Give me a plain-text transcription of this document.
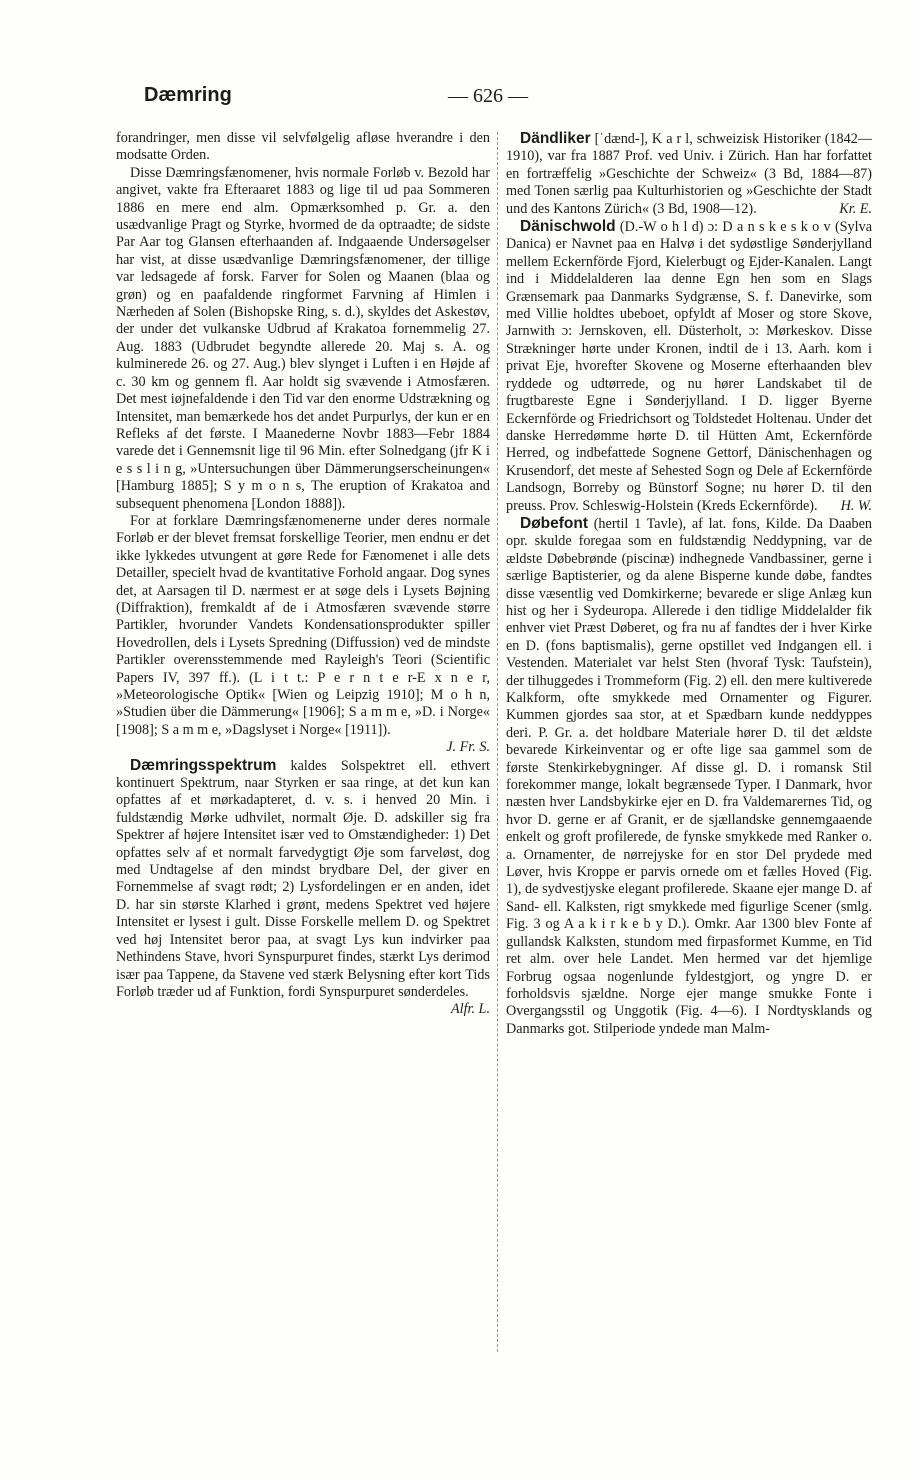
Dæmring	— 626 —

forandringer, men disse vil selvfølgelig afløse hverandre i den modsatte Orden.

Disse Dæmringsfænomener, hvis normale Forløb v. Bezold har angivet, vakte fra Efteraaret 1883 og lige til ud paa Sommeren 1886 en mere end alm. Opmærksomhed p. Gr. a. den usædvanlige Pragt og Styrke, hvormed de da optraadte; de sidste Par Aar tog Glansen efterhaanden af. Indgaaende Undersøgelser har vist, at disse usædvanlige Dæmringsfænomener, der tillige var ledsagede af forsk. Farver for Solen og Maanen (blaa og grøn) og en paafaldende ringformet Farvning af Himlen i Nærheden af Solen (Bishopske Ring, s. d.), skyldes det Askestøv, der under det vulkanske Udbrud af Krakatoa fornemmelig 27. Aug. 1883 (Udbrudet begyndte allerede 20. Maj s. A. og kulminerede 26. og 27. Aug.) blev slynget i Luften i en Højde af c. 30 km og gennem fl. Aar holdt sig svævende i Atmosfæren. Det mest iøjnefaldende i den Tid var den enorme Udstrækning og Intensitet, man bemærkede hos det andet Purpurlys, der kun er en Refleks af det første. I Maanederne Novbr 1883—Febr 1884 varede det i Gennemsnit lige til 96 Min. efter Solnedgang (jfr K i e s s l i n g, »Untersuchungen über Dämmerungserscheinungen« [Hamburg 1885]; S y m o n s, The eruption of Krakatoa and subsequent phenomena [London 1888]).

For at forklare Dæmringsfænomenerne under deres normale Forløb er der blevet fremsat forskellige Teorier, men endnu er det ikke lykkedes utvungent at gøre Rede for Fænomenet i alle dets Detailler, specielt hvad de kvantitative Forhold angaar. Dog synes det, at Aarsagen til D. nærmest er at søge dels i Lysets Bøjning (Diffraktion), fremkaldt af de i Atmosfæren svævende større Partikler, hvorunder Vandets Kondensationsprodukter spiller Hovedrollen, dels i Lysets Spredning (Diffussion) ved de mindste Partikler overensstemmende med Rayleigh's Teori (Scientific Papers IV, 397 ff.). (L i t t.: P e r n t e r-E x n e r, »Meteorologische Optik« [Wien og Leipzig 1910]; M o h n, »Studien über die Dämmerung« [1906]; S a m m e, »D. i Norge« [1908]; S a m m e, »Dagslyset i Norge« [1911]).

J. Fr. S.

Dæmringsspektrum kaldes Solspektret ell. ethvert kontinuert Spektrum, naar Styrken er saa ringe, at det kun kan opfattes af et mørkadapteret, d. v. s. i henved 20 Min. i fuldstændig Mørke udhvilet, normalt Øje. D. adskiller sig fra Spektrer af højere Intensitet især ved to Omstændigheder: 1) Det opfattes selv af et normalt farvedygtigt Øje som farveløst, dog med Undtagelse af den mindst brydbare Del, der giver en Fornemmelse af svagt rødt; 2) Lysfordelingen er en anden, idet D. har sin største Klarhed i grønt, medens Spektret ved højere Intensitet er lysest i gult. Disse Forskelle mellem D. og Spektret ved høj Intensitet beror paa, at svagt Lys kun indvirker paa Nethindens Stave, hvori Synspurpuret findes, stærkt Lys derimod især paa Tappene, da Stavene ved stærk Belysning efter kort Tids Forløb træder ud af Funktion, fordi Synspurpuret sønderdeles.
Alfr. L.

Dändliker [ˈdænd-], K a r l, schweizisk Historiker (1842—1910), var fra 1887 Prof. ved Univ. i Zürich. Han har forfattet en fortræffelig »Geschichte der Schweiz« (3 Bd, 1884—87) med Tonen særlig paa Kulturhistorien og »Geschichte der Stadt und des Kantons Zürich« (3 Bd, 1908—12).	Kr. E.

Dänischwold (D.-W o h l d) ɔ: D a n s k e s k o v (Sylva Danica) er Navnet paa en Halvø i det sydøstlige Sønderjylland mellem Eckernförde Fjord, Kielerbugt og Ejder-Kanalen. Langt ind i Middelalderen laa denne Egn hen som en Slags Grænsemark paa Danmarks Sydgrænse, S. f. Danevirke, som med Villie holdtes ubeboet, opfyldt af Moser og store Skove, Jarnwith ɔ: Jernskoven, ell. Düsterholt, ɔ: Mørkeskov. Disse Strækninger hørte under Kronen, indtil de i 13. Aarh. kom i privat Eje, hvorefter Skovene og Moserne efterhaanden blev ryddede og udtørrede, og nu hører Landskabet til de frugtbareste Egne i Sønderjylland. I D. ligger Byerne Eckernförde og Friedrichsort og Toldstedet Holtenau. Under det danske Herredømme hørte D. til Hütten Amt, Eckernförde Herred, og indbefattede Sognene Gettorf, Dänischenhagen og Krusendorf, det meste af Sehested Sogn og Dele af Eckernförde Landsogn, Borreby og Bünstorf Sogne; nu hører D. til den preuss. Prov. Schleswig-Holstein (Kreds Eckernförde).	H. W.

Døbefont (hertil 1 Tavle), af lat. fons, Kilde. Da Daaben opr. skulde foregaa som en fuldstændig Neddypning, var de ældste Døbebrønde (piscinæ) indhegnede Vandbassiner, gerne i særlige Baptisterier, og da alene Bisperne kunde døbe, fandtes disse væsentlig ved Domkirkerne; bevarede er slige Anlæg kun hist og her i Sydeuropa. Allerede i den tidlige Middelalder fik enhver viet Præst Døberet, og fra nu af fandtes der i hver Kirke en D. (fons baptismalis), gerne opstillet ved Indgangen ell. i Vestenden. Materialet var helst Sten (hvoraf Tysk: Taufstein), der tilhuggedes i Trommeform (Fig. 2) ell. den mere kultiverede Kalkform, ofte smykkede med Ornamenter og Figurer. Kummen gjordes saa stor, at et Spædbarn kunde neddyppes deri. P. Gr. a. det holdbare Materiale hører D. til det ældste bevarede Kirkeinventar og er ofte lige saa gammel som de første Stenkirkebygninger. Af disse gl. D. i romansk Stil forekommer mange, lokalt begrænsede Typer. I Danmark, hvor næsten hver Landsbykirke ejer en D. fra Valdemarernes Tid, og hvor D. gerne er af Granit, er de sjællandske gennemgaaende enkelt og groft profilerede, de fynske smykkede med Ranker o. a. Ornamenter, de nørrejyske for en stor Del prydede med Løver, hvis Kroppe er parvis ornede om et fælles Hoved (Fig. 1), de sydvestjyske elegant profilerede. Skaane ejer mange D. af Sand- ell. Kalksten, rigt smykkede med figurlige Scener (smlg. Fig. 3 og A a k i r k e b y D.). Omkr. Aar 1300 blev Fonte af gullandsk Kalksten, stundom med firpasformet Kumme, en Tid ret alm. over hele Landet. Men hermed var det hjemlige Forbrug ogsaa nogenlunde fyldestgjort, og yngre D. er forholdsvis sjældne. Norge ejer mange smukke Fonte i Overgangsstil og Unggotik (Fig. 4—6). I Nordtysklands og Danmarks got. Stilperiode yndede man Malm-
